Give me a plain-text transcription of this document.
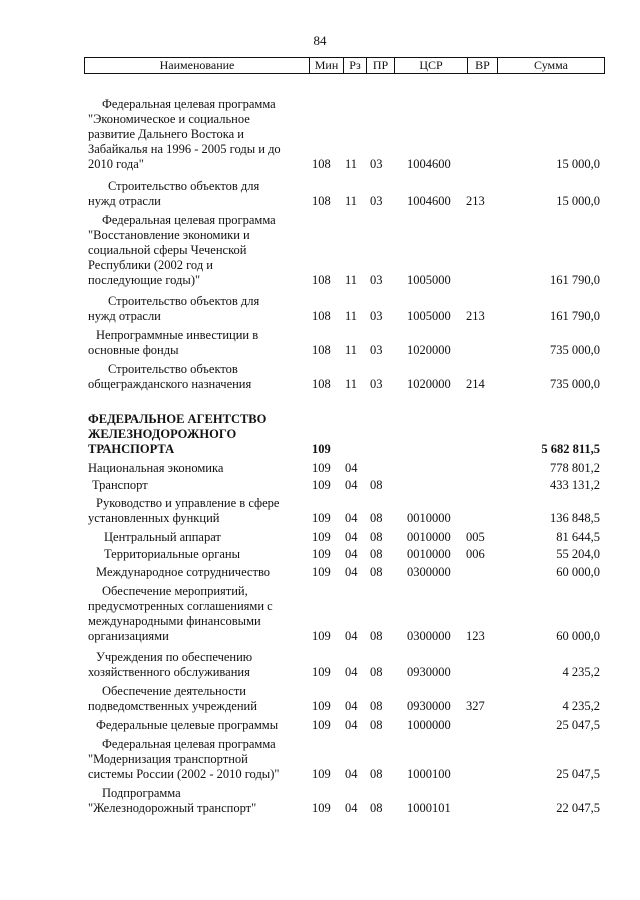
84
Наименование	Мин Рз	ПР	ЦСР	ВР	Сумма
Федеральная целевая программа
"Экономическое и социальное
развитие Дальнего Востока и
Забайкалья на 1996 - 2005 годы и до
2010 года"	108 11 03 1004600	15 000,0
Строительство объектов для
нужд отрасли	108 11 03 1004600 213	15 000,0
Федеральная целевая программа
"Восстановление экономики и
социальной сферы Чеченской
Республики (2002 год и
последующие годы)"	108 11 03 1005000	161 790,0
Строительство объектов для
нужд отрасли	108 11 03 1005000 213	161 790,0
Непрограммные инвестиции в
основные фонды	108 11 03 1020000	735 000,0
Строительство объектов
общегражданского назначения	108 11 03 1020000 214	735 000,0
ФЕДЕРАЛЬНОЕ АГЕНТСТВО
ЖЕЛЕЗНОДОРОЖНОГО
ТРАНСПОРТА	109	5 682 811,5
Национальная экономика	109 04	778 801,2
Транспорт	109 04 08	433 131,2
Руководство и управление в сфере
установленных функций	109 04 08 0010000	136 848,5
Центральный аппарат	109 04 08 0010000 005	81 644,5
Территориальные органы	109 04 08 0010000 006	55 204,0
Международное сотрудничество	109 04 08 0300000	60 000,0
Обеспечение мероприятий,
предусмотренных соглашениями с
международными финансовыми
организациями	109 04 08 0300000 123	60 000,0
Учреждения по обеспечению
хозяйственного обслуживания	109 04 08 0930000	4 235,2
Обеспечение деятельности
подведомственных учреждений	109 04 08 0930000 327	4 235,2
Федеральные целевые программы	109 04 08 1000000	25 047,5
Федеральная целевая программа
"Модернизация транспортной
системы России (2002 - 2010 годы)"	109 04 08 1000100	25 047,5
Подпрограмма
"Железнодорожный транспорт"	109 04 08 1000101	22 047,5
